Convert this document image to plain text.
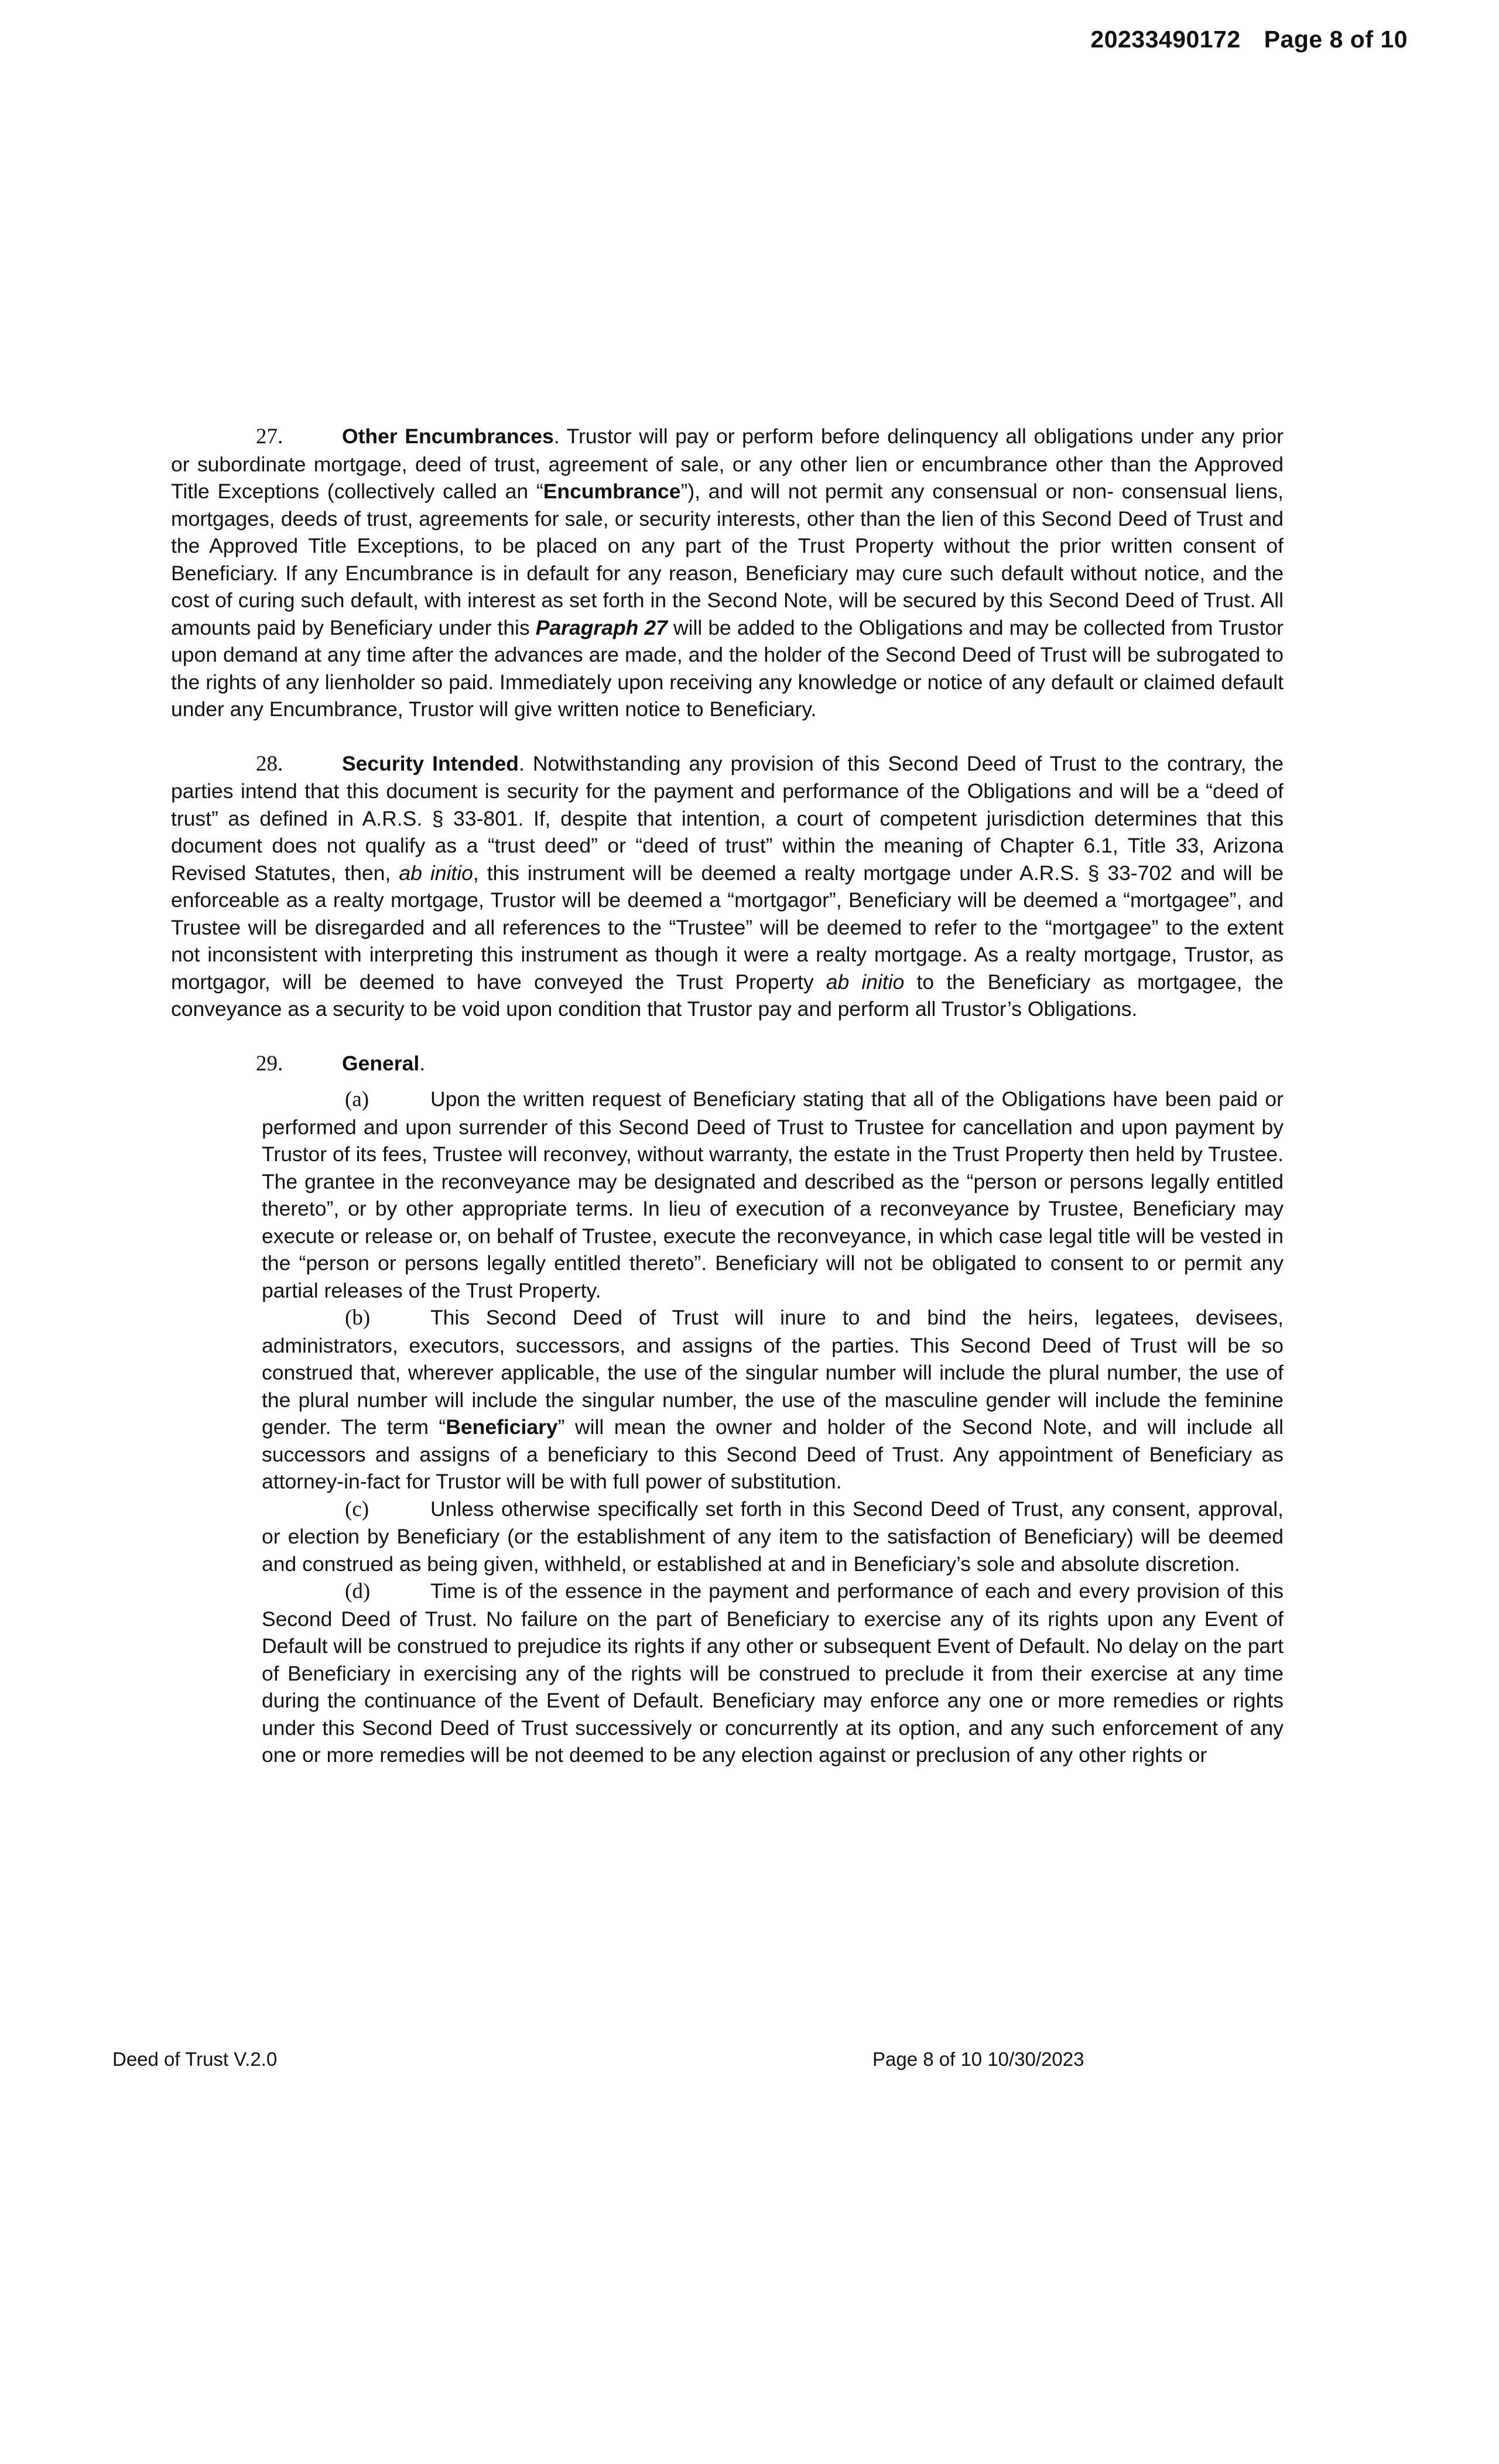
20233490172 Page 8 of 10

27.	Other Encumbrances. Trustor will pay or perform before delinquency all obligations under any prior or subordinate mortgage, deed of trust, agreement of sale, or any other lien or encumbrance other than the Approved Title Exceptions (collectively called an “Encumbrance”), and will not permit any consensual or non- consensual liens, mortgages, deeds of trust, agreements for sale, or security interests, other than the lien of this Second Deed of Trust and the Approved Title Exceptions, to be placed on any part of the Trust Property without the prior written consent of Beneficiary. If any Encumbrance is in default for any reason, Beneficiary may cure such default without notice, and the cost of curing such default, with interest as set forth in the Second Note, will be secured by this Second Deed of Trust. All amounts paid by Beneficiary under this Paragraph 27 will be added to the Obligations and may be collected from Trustor upon demand at any time after the advances are made, and the holder of the Second Deed of Trust will be subrogated to the rights of any lienholder so paid. Immediately upon receiving any knowledge or notice of any default or claimed default under any Encumbrance, Trustor will give written notice to Beneficiary.

28.	Security Intended. Notwithstanding any provision of this Second Deed of Trust to the contrary, the parties intend that this document is security for the payment and performance of the Obligations and will be a “deed of trust” as defined in A.R.S. § 33-801. If, despite that intention, a court of competent jurisdiction determines that this document does not qualify as a “trust deed” or “deed of trust” within the meaning of Chapter 6.1, Title 33, Arizona Revised Statutes, then, ab initio, this instrument will be deemed a realty mortgage under A.R.S. § 33-702 and will be enforceable as a realty mortgage, Trustor will be deemed a “mortgagor”, Beneficiary will be deemed a “mortgagee”, and Trustee will be disregarded and all references to the “Trustee” will be deemed to refer to the “mortgagee” to the extent not inconsistent with interpreting this instrument as though it were a realty mortgage. As a realty mortgage, Trustor, as mortgagor, will be deemed to have conveyed the Trust Property ab initio to the Beneficiary as mortgagee, the conveyance as a security to be void upon condition that Trustor pay and perform all Trustor’s Obligations.

29.	General.

(a)	Upon the written request of Beneficiary stating that all of the Obligations have been paid or performed and upon surrender of this Second Deed of Trust to Trustee for cancellation and upon payment by Trustor of its fees, Trustee will reconvey, without warranty, the estate in the Trust Property then held by Trustee. The grantee in the reconveyance may be designated and described as the “person or persons legally entitled thereto”, or by other appropriate terms. In lieu of execution of a reconveyance by Trustee, Beneficiary may execute or release or, on behalf of Trustee, execute the reconveyance, in which case legal title will be vested in the “person or persons legally entitled thereto”. Beneficiary will not be obligated to consent to or permit any partial releases of the Trust Property.

(b)	This Second Deed of Trust will inure to and bind the heirs, legatees, devisees, administrators, executors, successors, and assigns of the parties. This Second Deed of Trust will be so construed that, wherever applicable, the use of the singular number will include the plural number, the use of the plural number will include the singular number, the use of the masculine gender will include the feminine gender. The term “Beneficiary” will mean the owner and holder of the Second Note, and will include all successors and assigns of a beneficiary to this Second Deed of Trust. Any appointment of Beneficiary as attorney-in-fact for Trustor will be with full power of substitution.

(c)	Unless otherwise specifically set forth in this Second Deed of Trust, any consent, approval, or election by Beneficiary (or the establishment of any item to the satisfaction of Beneficiary) will be deemed and construed as being given, withheld, or established at and in Beneficiary’s sole and absolute discretion.

(d)	Time is of the essence in the payment and performance of each and every provision of this Second Deed of Trust. No failure on the part of Beneficiary to exercise any of its rights upon any Event of Default will be construed to prejudice its rights if any other or subsequent Event of Default. No delay on the part of Beneficiary in exercising any of the rights will be construed to preclude it from their exercise at any time during the continuance of the Event of Default. Beneficiary may enforce any one or more remedies or rights under this Second Deed of Trust successively or concurrently at its option, and any such enforcement of any one or more remedies will be not deemed to be any election against or preclusion of any other rights or

Deed of Trust V.2.0	Page 8 of 10 10/30/2023
